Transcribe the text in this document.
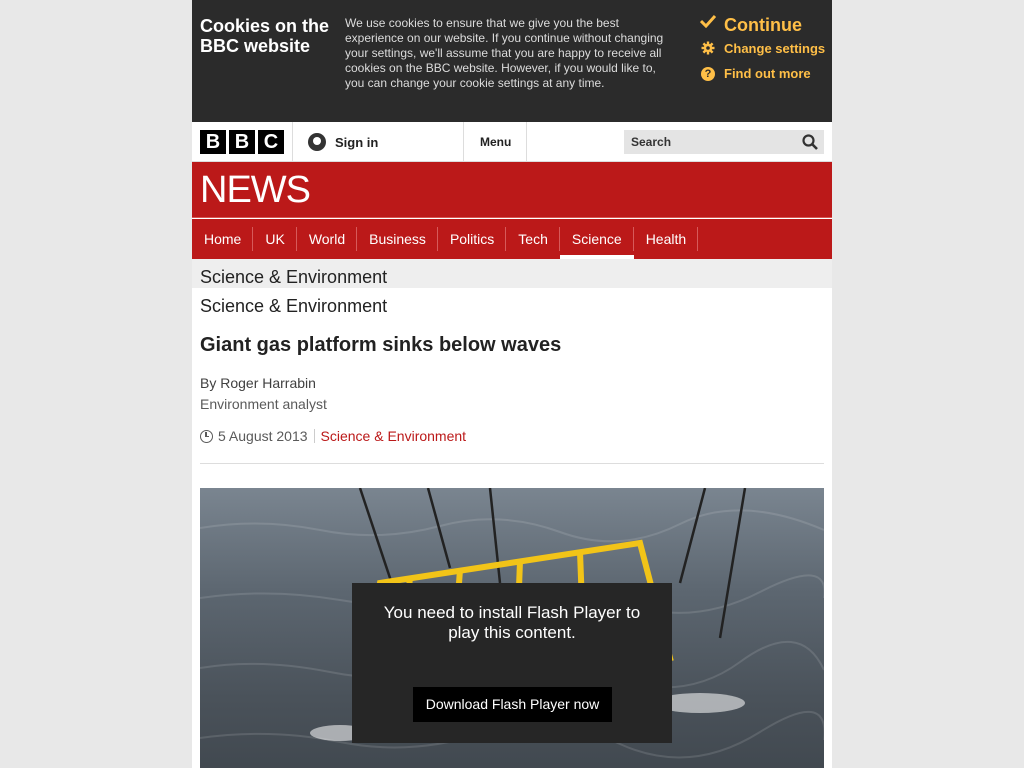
Cookies on the BBC website
We use cookies to ensure that we give you the best experience on our website. If you continue without changing your settings, we'll assume that you are happy to receive all cookies on the BBC website. However, if you would like to, you can change your cookie settings at any time.
Continue
Change settings
? Find out more
B B C	Sign in	Menu
Search
NEWS
Home	UK	World	Business	Politics	Tech	Science	Health
Science & Environment
Science & Environment
Giant gas platform sinks below waves
By Roger Harrabin
Environment analyst
5 August 2013 Science & Environment
You need to install Flash Player to play this content.
Download Flash Player now
